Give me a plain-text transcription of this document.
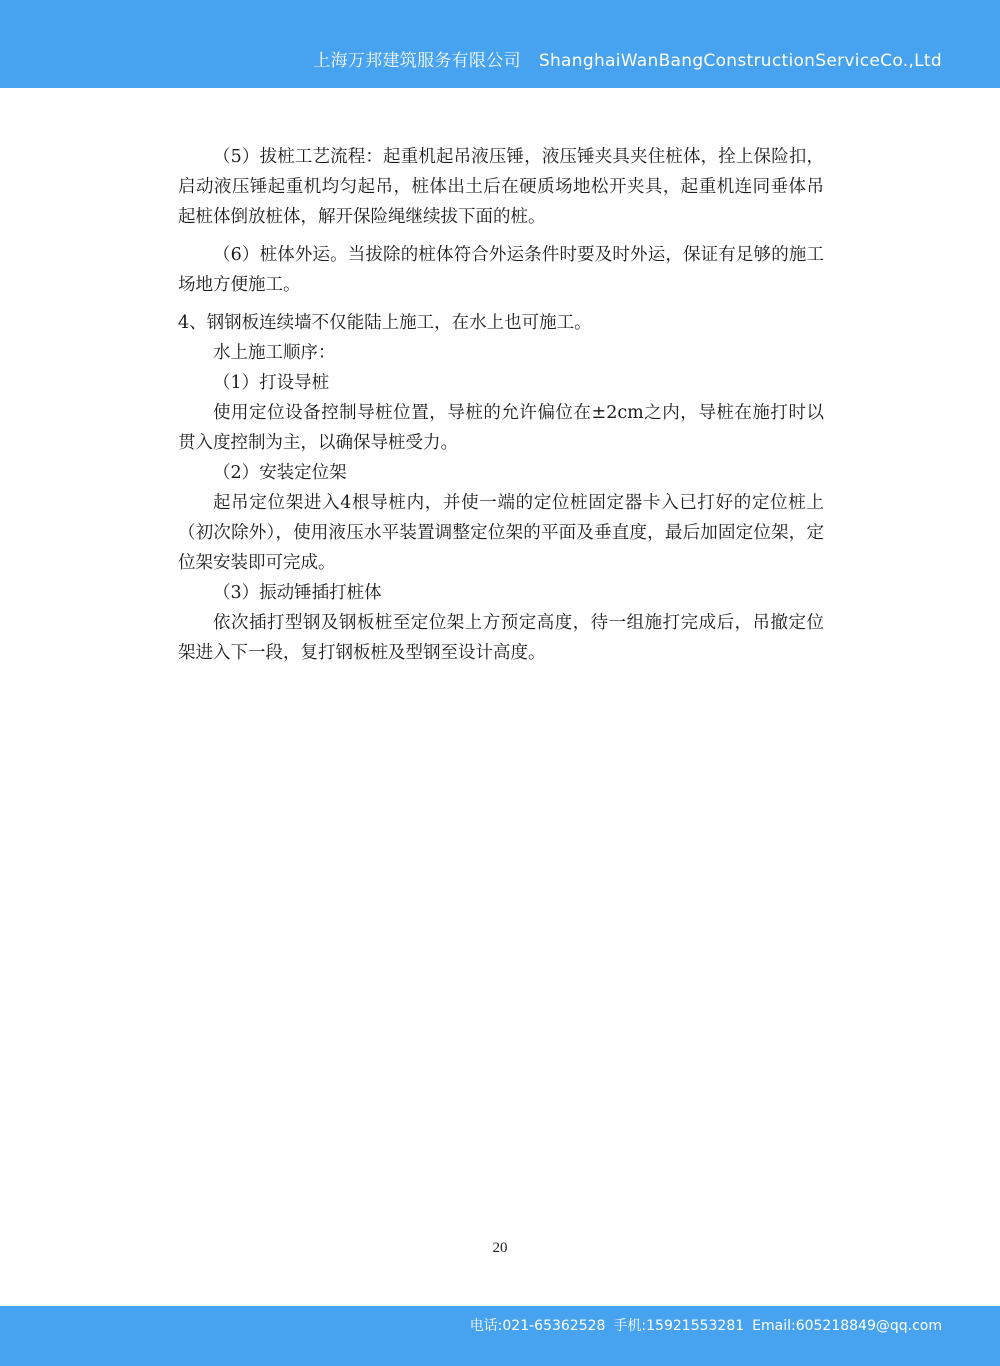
上海万邦建筑服务有限公司 ShanghaiWanBangConstructionServiceCo.,Ltd

（5）拔桩工艺流程：起重机起吊液压锤，液压锤夹具夹住桩体，拴上保险扣，启动液压锤起重机均匀起吊，桩体出土后在硬质场地松开夹具，起重机连同垂体吊起桩体倒放桩体，解开保险绳继续拔下面的桩。

（6）桩体外运。当拔除的桩体符合外运条件时要及时外运，保证有足够的施工场地方便施工。

4、钢钢板连续墙不仅能陆上施工，在水上也可施工。

水上施工顺序：

（1）打设导桩

使用定位设备控制导桩位置，导桩的允许偏位在±2cm之内，导桩在施打时以贯入度控制为主，以确保导桩受力。

（2）安装定位架

起吊定位架进入4根导桩内，并使一端的定位桩固定器卡入已打好的定位桩上（初次除外），使用液压水平装置调整定位架的平面及垂直度，最后加固定位架，定位架安装即可完成。

（3）振动锤插打桩体

依次插打型钢及钢板桩至定位架上方预定高度，待一组施打完成后，吊撤定位架进入下一段，复打钢板桩及型钢至设计高度。

20
电话:021-65362528 手机:15921553281 Email:605218849@qq.com
